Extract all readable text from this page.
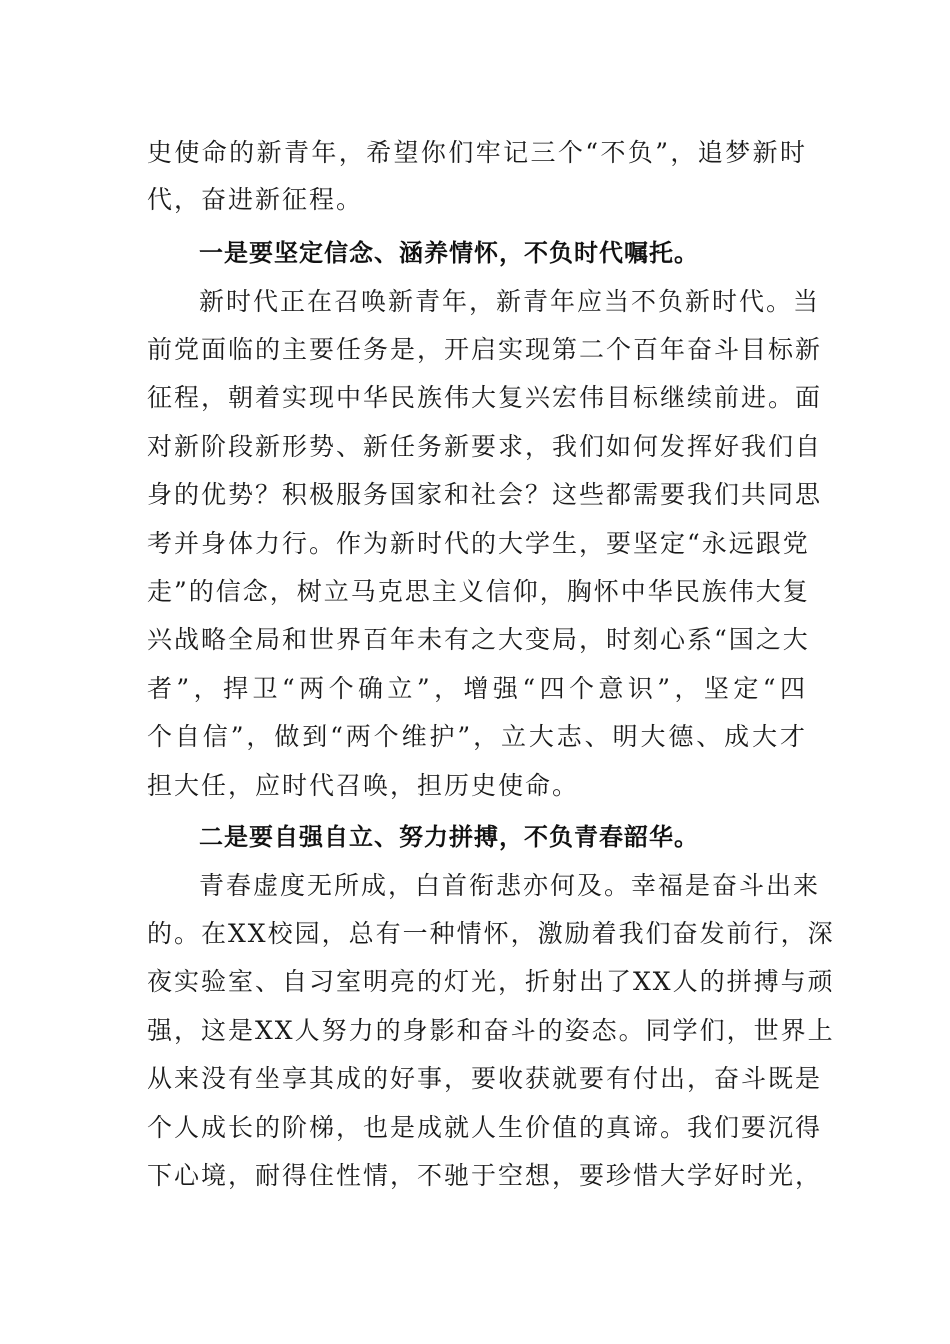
史使命的新青年，希望你们牢记三个“不负”，追梦新时
代，奋进新征程。
一是要坚定信念、涵养情怀，不负时代嘱托。
新时代正在召唤新青年，新青年应当不负新时代。当
前党面临的主要任务是，开启实现第二个百年奋斗目标新
征程，朝着实现中华民族伟大复兴宏伟目标继续前进。面
对新阶段新形势、新任务新要求，我们如何发挥好我们自
身的优势？积极服务国家和社会？这些都需要我们共同思
考并身体力行。作为新时代的大学生，要坚定“永远跟党
走”的信念，树立马克思主义信仰，胸怀中华民族伟大复
兴战略全局和世界百年未有之大变局，时刻心系“国之大
者”，捍卫“两个确立”，增强“四个意识”，坚定“四
个自信”，做到“两个维护”，立大志、明大德、成大才
担大任，应时代召唤，担历史使命。
二是要自强自立、努力拼搏，不负青春韶华。
青春虚度无所成，白首衔悲亦何及。幸福是奋斗出来
的。在XX校园，总有一种情怀，激励着我们奋发前行，深
夜实验室、自习室明亮的灯光，折射出了XX人的拼搏与顽
强，这是XX人努力的身影和奋斗的姿态。同学们，世界上
从来没有坐享其成的好事，要收获就要有付出，奋斗既是
个人成长的阶梯，也是成就人生价值的真谛。我们要沉得
下心境，耐得住性情，不驰于空想，要珍惜大学好时光，
